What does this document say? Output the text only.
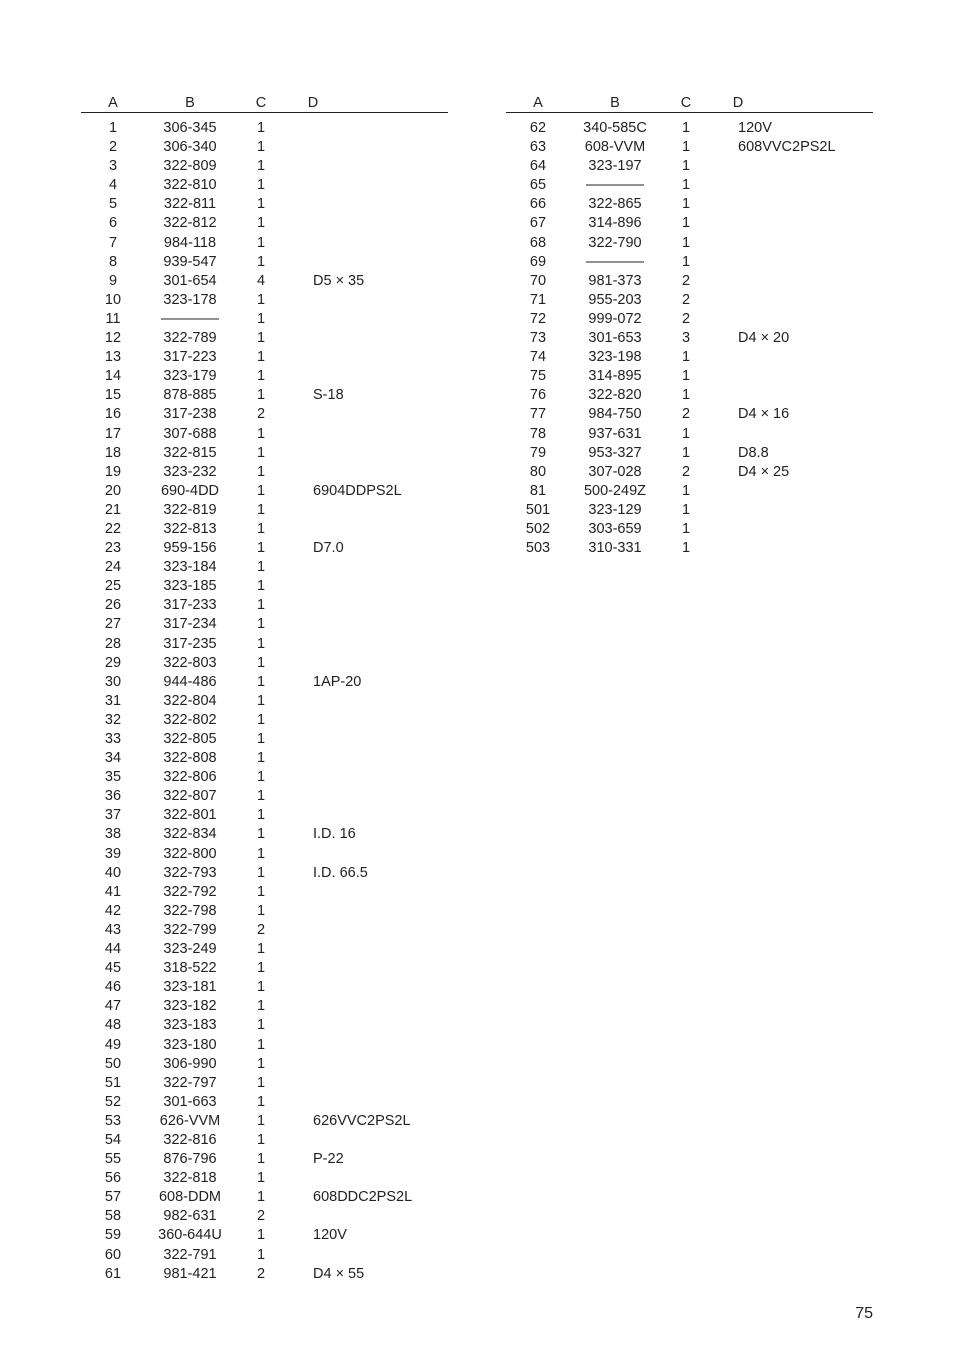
A	B	C	D
1	306-345	1	
2	306-340	1	
3	322-809	1	
4	322-810	1	
5	322-811	1	
6	322-812	1	
7	984-118	1	
8	939-547	1	
9	301-654	4	D5 × 35
10	323-178	1	
11	————	1	
12	322-789	1	
13	317-223	1	
14	323-179	1	
15	878-885	1	S-18
16	317-238	2	
17	307-688	1	
18	322-815	1	
19	323-232	1	
20	690-4DD	1	6904DDPS2L
21	322-819	1	
22	322-813	1	
23	959-156	1	D7.0
24	323-184	1	
25	323-185	1	
26	317-233	1	
27	317-234	1	
28	317-235	1	
29	322-803	1	
30	944-486	1	1AP-20
31	322-804	1	
32	322-802	1	
33	322-805	1	
34	322-808	1	
35	322-806	1	
36	322-807	1	
37	322-801	1	
38	322-834	1	I.D. 16
39	322-800	1	
40	322-793	1	I.D. 66.5
41	322-792	1	
42	322-798	1	
43	322-799	2	
44	323-249	1	
45	318-522	1	
46	323-181	1	
47	323-182	1	
48	323-183	1	
49	323-180	1	
50	306-990	1	
51	322-797	1	
52	301-663	1	
53	626-VVM	1	626VVC2PS2L
54	322-816	1	
55	876-796	1	P-22
56	322-818	1	
57	608-DDM	1	608DDC2PS2L
58	982-631	2	
59	360-644U	1	120V
60	322-791	1	
61	981-421	2	D4 × 55
A	B	C	D
62	340-585C	1	120V
63	608-VVM	1	608VVC2PS2L
64	323-197	1	
65	————	1	
66	322-865	1	
67	314-896	1	
68	322-790	1	
69	————	1	
70	981-373	2	
71	955-203	2	
72	999-072	2	
73	301-653	3	D4 × 20
74	323-198	1	
75	314-895	1	
76	322-820	1	
77	984-750	2	D4 × 16
78	937-631	1	
79	953-327	1	D8.8
80	307-028	2	D4 × 25
81	500-249Z	1	
501	323-129	1	
502	303-659	1	
503	310-331	1	
75
